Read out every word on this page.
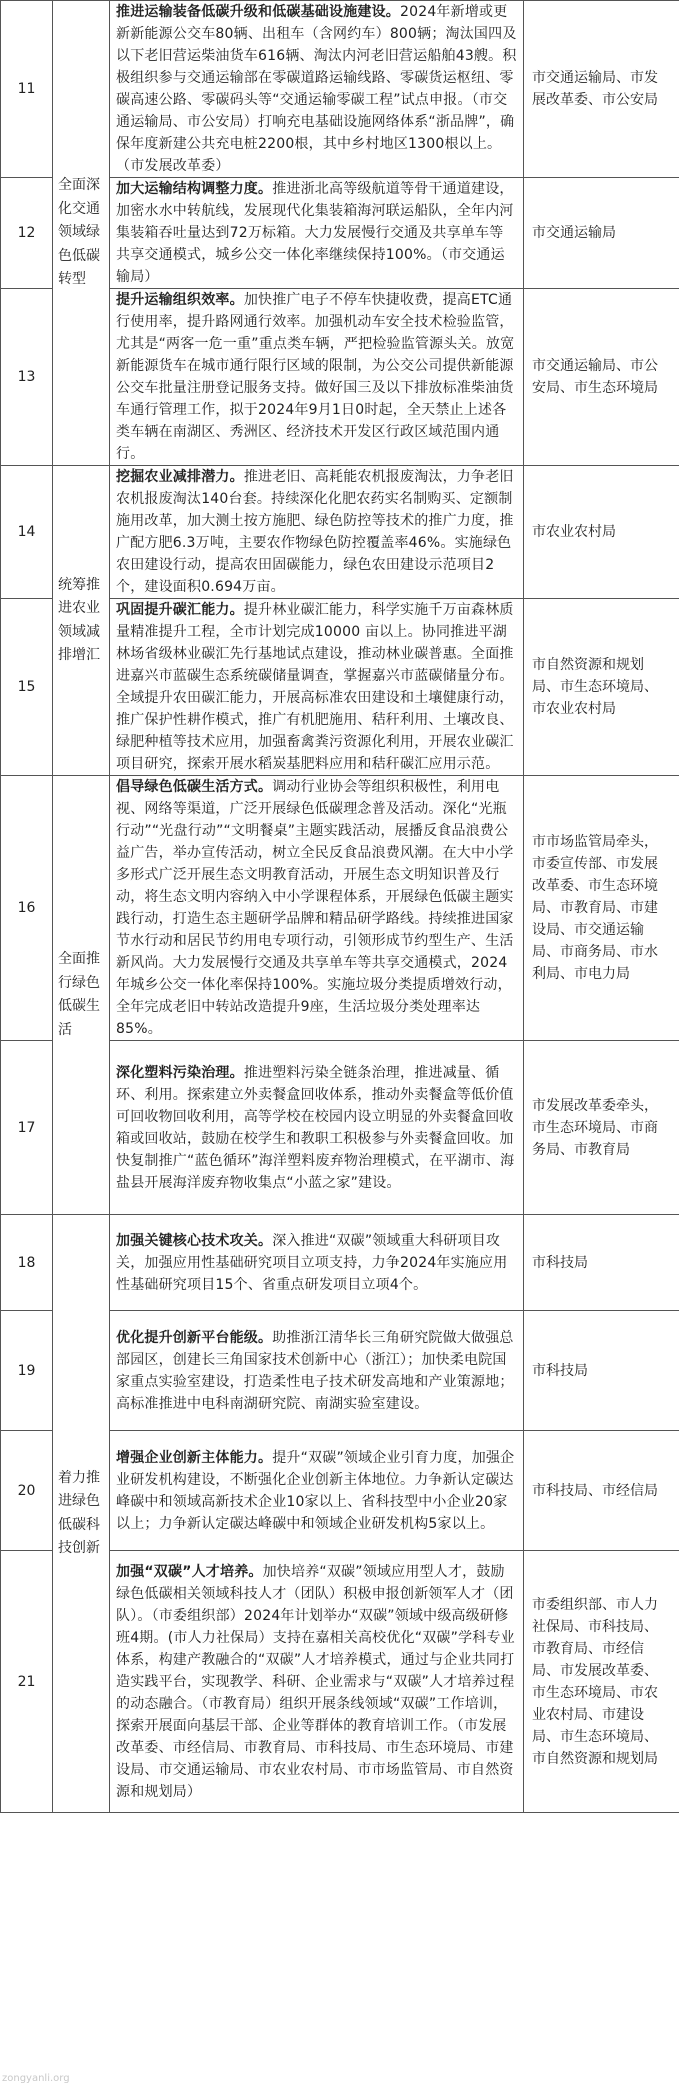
11	全面深化交通领域绿色低碳转型	推进运输装备低碳升级和低碳基础设施建设。2024年新增或更新新能源公交车80辆、出租车（含网约车）800辆；淘汰国四及以下老旧营运柴油货车616辆、淘汰内河老旧营运船舶43艘。积极组织参与交通运输部在零碳道路运输线路、零碳货运枢纽、零碳高速公路、零碳码头等“交通运输零碳工程”试点申报。（市交通运输局、市公安局）打响充电基础设施网络体系“浙品牌”，确保年度新建公共充电桩2200根，其中乡村地区1300根以上。（市发展改革委）	市交通运输局、市发展改革委、市公安局
12		加大运输结构调整力度。推进浙北高等级航道等骨干通道建设，加密水水中转航线，发展现代化集装箱海河联运船队，全年内河集装箱吞吐量达到72万标箱。大力发展慢行交通及共享单车等共享交通模式，城乡公交一体化率继续保持100%。（市交通运输局）	市交通运输局
13		提升运输组织效率。加快推广电子不停车快捷收费，提高ETC通行使用率，提升路网通行效率。加强机动车安全技术检验监管，尤其是“两客一危一重”重点类车辆，严把检验监管源头关。放宽新能源货车在城市通行限行区域的限制，为公交公司提供新能源公交车批量注册登记服务支持。做好国三及以下排放标准柴油货车通行管理工作，拟于2024年9月1日0时起，全天禁止上述各类车辆在南湖区、秀洲区、经济技术开发区行政区域范围内通行。	市交通运输局、市公安局、市生态环境局
14	统筹推进农业领域减排增汇	挖掘农业减排潜力。推进老旧、高耗能农机报废淘汰，力争老旧农机报废淘汰140台套。持续深化化肥农药实名制购买、定额制施用改革，加大测土按方施肥、绿色防控等技术的推广力度，推广配方肥6.3万吨，主要农作物绿色防控覆盖率46%。实施绿色农田建设行动，提高农田固碳能力，绿色农田建设示范项目2个，建设面积0.694万亩。	市农业农村局
15		巩固提升碳汇能力。提升林业碳汇能力，科学实施千万亩森林质量精准提升工程，全市计划完成10000 亩以上。协同推进平湖林场省级林业碳汇先行基地试点建设，推动林业碳普惠。全面推进嘉兴市蓝碳生态系统碳储量调查，掌握嘉兴市蓝碳储量分布。全域提升农田碳汇能力，开展高标准农田建设和土壤健康行动，推广保护性耕作模式，推广有机肥施用、秸秆利用、土壤改良、绿肥种植等技术应用，加强畜禽粪污资源化利用，开展农业碳汇项目研究，探索开展水稻炭基肥料应用和秸秆碳汇应用示范。	市自然资源和规划局、市生态环境局、市农业农村局
16	全面推行绿色低碳生活	倡导绿色低碳生活方式。调动行业协会等组织积极性，利用电视、网络等渠道，广泛开展绿色低碳理念普及活动。深化“光瓶行动”“光盘行动”“文明餐桌”主题实践活动，展播反食品浪费公益广告，举办宣传活动，树立全民反食品浪费风潮。在大中小学多形式广泛开展生态文明教育活动，开展生态文明知识普及行动，将生态文明内容纳入中小学课程体系，开展绿色低碳主题实践行动，打造生态主题研学品牌和精品研学路线。持续推进国家节水行动和居民节约用电专项行动，引领形成节约型生产、生活新风尚。大力发展慢行交通及共享单车等共享交通模式，2024 年城乡公交一体化率保持100%。实施垃圾分类提质增效行动，全年完成老旧中转站改造提升9座，生活垃圾分类处理率达85%。	市市场监管局牵头，市委宣传部、市发展改革委、市生态环境局、市教育局、市建设局、市交通运输局、市商务局、市水利局、市电力局
17		深化塑料污染治理。推进塑料污染全链条治理，推进减量、循环、利用。探索建立外卖餐盒回收体系，推动外卖餐盒等低价值可回收物回收利用，高等学校在校园内设立明显的外卖餐盒回收箱或回收站，鼓励在校学生和教职工积极参与外卖餐盒回收。加快复制推广“蓝色循环”海洋塑料废弃物治理模式，在平湖市、海盐县开展海洋废弃物收集点“小蓝之家”建设。	市发展改革委牵头，市生态环境局、市商务局、市教育局
18	着力推进绿色低碳科技创新	加强关键核心技术攻关。深入推进“双碳”领域重大科研项目攻关，加强应用性基础研究项目立项支持，力争2024年实施应用性基础研究项目15个、省重点研发项目立项4个。	市科技局
19		优化提升创新平台能级。助推浙江清华长三角研究院做大做强总部园区，创建长三角国家技术创新中心（浙江）；加快柔电院国家重点实验室建设，打造柔性电子技术研发高地和产业策源地；高标准推进中电科南湖研究院、南湖实验室建设。	市科技局
20		增强企业创新主体能力。提升“双碳”领域企业引育力度，加强企业研发机构建设，不断强化企业创新主体地位。力争新认定碳达峰碳中和领域高新技术企业10家以上、省科技型中小企业20家以上；力争新认定碳达峰碳中和领域企业研发机构5家以上。	市科技局、市经信局
21		加强“双碳”人才培养。加快培养“双碳”领域应用型人才，鼓励绿色低碳相关领域科技人才（团队）积极申报创新领军人才（团队）。（市委组织部）2024年计划举办“双碳”领域中级高级研修班4期。(市人力社保局）支持在嘉相关高校优化“双碳”学科专业体系，构建产教融合的“双碳”人才培养模式，通过与企业共同打造实践平台，实现教学、科研、企业需求与“双碳”人才培养过程的动态融合。（市教育局）组织开展条线领域“双碳”工作培训，探索开展面向基层干部、企业等群体的教育培训工作。（市发展改革委、市经信局、市教育局、市科技局、市生态环境局、市建设局、市交通运输局、市农业农村局、市市场监管局、市自然资源和规划局）	市委组织部、市人力社保局、市科技局、市教育局、市经信局、市发展改革委、市生态环境局、市农业农村局、市建设局、市生态环境局、市自然资源和规划局
zongyanli.org
